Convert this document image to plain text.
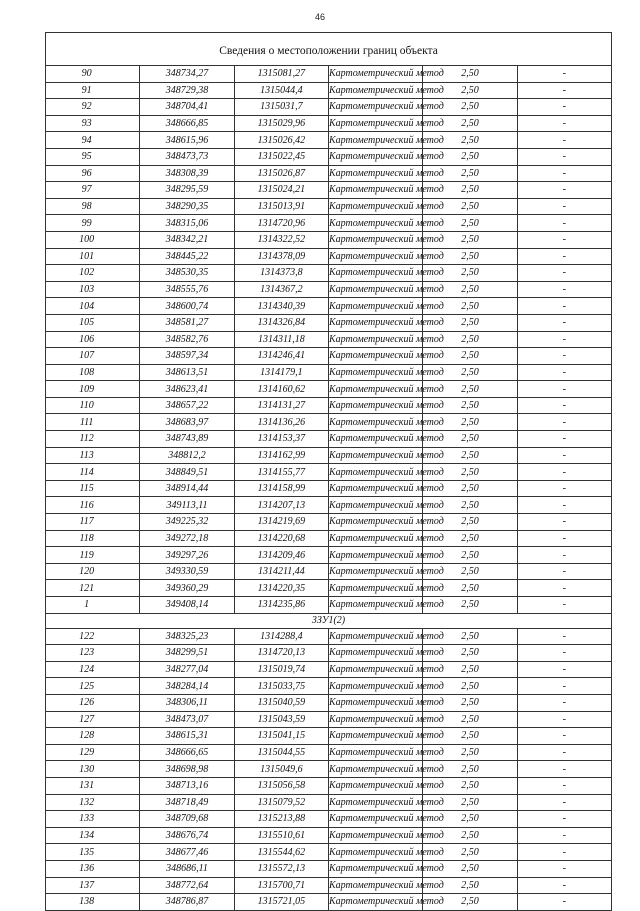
46
Сведения о местоположении границ объекта					
90	348734,27	1315081,27	Картометрический метод	2,50	-
91	348729,38	1315044,4	Картометрический метод	2,50	-
92	348704,41	1315031,7	Картометрический метод	2,50	-
93	348666,85	1315029,96	Картометрический метод	2,50	-
94	348615,96	1315026,42	Картометрический метод	2,50	-
95	348473,73	1315022,45	Картометрический метод	2,50	-
96	348308,39	1315026,87	Картометрический метод	2,50	-
97	348295,59	1315024,21	Картометрический метод	2,50	-
98	348290,35	1315013,91	Картометрический метод	2,50	-
99	348315,06	1314720,96	Картометрический метод	2,50	-
100	348342,21	1314322,52	Картометрический метод	2,50	-
101	348445,22	1314378,09	Картометрический метод	2,50	-
102	348530,35	1314373,8	Картометрический метод	2,50	-
103	348555,76	1314367,2	Картометрический метод	2,50	-
104	348600,74	1314340,39	Картометрический метод	2,50	-
105	348581,27	1314326,84	Картометрический метод	2,50	-
106	348582,76	1314311,18	Картометрический метод	2,50	-
107	348597,34	1314246,41	Картометрический метод	2,50	-
108	348613,51	1314179,1	Картометрический метод	2,50	-
109	348623,41	1314160,62	Картометрический метод	2,50	-
110	348657,22	1314131,27	Картометрический метод	2,50	-
111	348683,97	1314136,26	Картометрический метод	2,50	-
112	348743,89	1314153,37	Картометрический метод	2,50	-
113	348812,2	1314162,99	Картометрический метод	2,50	-
114	348849,51	1314155,77	Картометрический метод	2,50	-
115	348914,44	1314158,99	Картометрический метод	2,50	-
116	349113,11	1314207,13	Картометрический метод	2,50	-
117	349225,32	1314219,69	Картометрический метод	2,50	-
118	349272,18	1314220,68	Картометрический метод	2,50	-
119	349297,26	1314209,46	Картометрический метод	2,50	-
120	349330,59	1314211,44	Картометрический метод	2,50	-
121	349360,29	1314220,35	Картометрический метод	2,50	-
1	349408,14	1314235,86	Картометрический метод	2,50	-
3ЗУ1(2)					
122	348325,23	1314288,4	Картометрический метод	2,50	-
123	348299,51	1314720,13	Картометрический метод	2,50	-
124	348277,04	1315019,74	Картометрический метод	2,50	-
125	348284,14	1315033,75	Картометрический метод	2,50	-
126	348306,11	1315040,59	Картометрический метод	2,50	-
127	348473,07	1315043,59	Картометрический метод	2,50	-
128	348615,31	1315041,15	Картометрический метод	2,50	-
129	348666,65	1315044,55	Картометрический метод	2,50	-
130	348698,98	1315049,6	Картометрический метод	2,50	-
131	348713,16	1315056,58	Картометрический метод	2,50	-
132	348718,49	1315079,52	Картометрический метод	2,50	-
133	348709,68	1315213,88	Картометрический метод	2,50	-
134	348676,74	1315510,61	Картометрический метод	2,50	-
135	348677,46	1315544,62	Картометрический метод	2,50	-
136	348686,11	1315572,13	Картометрический метод	2,50	-
137	348772,64	1315700,71	Картометрический метод	2,50	-
138	348786,87	1315721,05	Картометрический метод	2,50	-
